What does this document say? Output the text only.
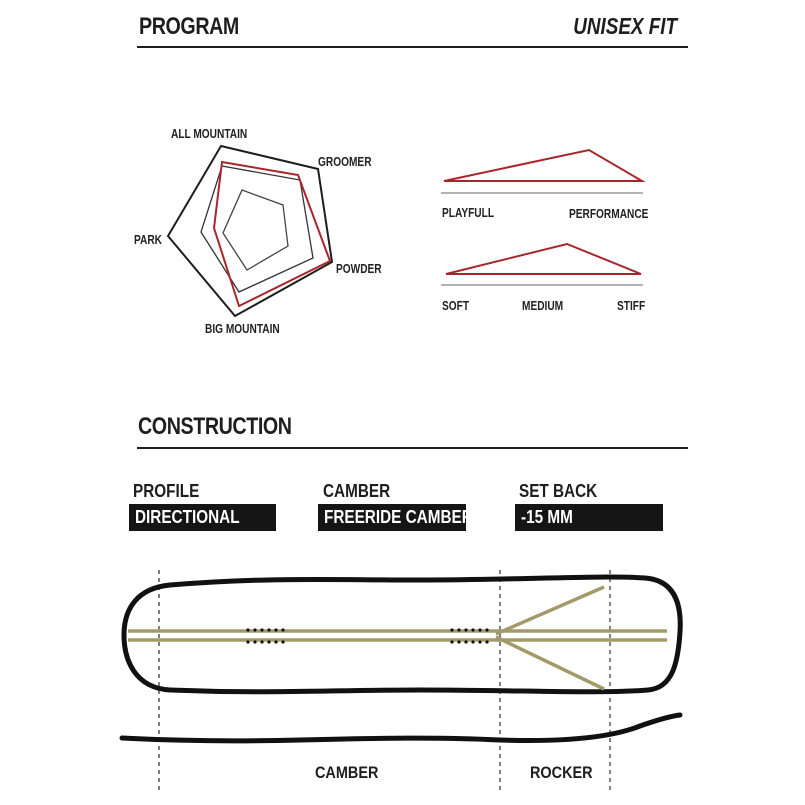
PROGRAM	UNISEX FIT
ALL MOUNTAIN
GROOMER
POWDER
BIG MOUNTAIN
PARK
PLAYFULL	PERFORMANCE
SOFT	MEDIUM	STIFF
CONSTRUCTION
PROFILE
DIRECTIONAL
CAMBER
FREERIDE CAMBER
SET BACK
-15 MM
CAMBER	ROCKER
